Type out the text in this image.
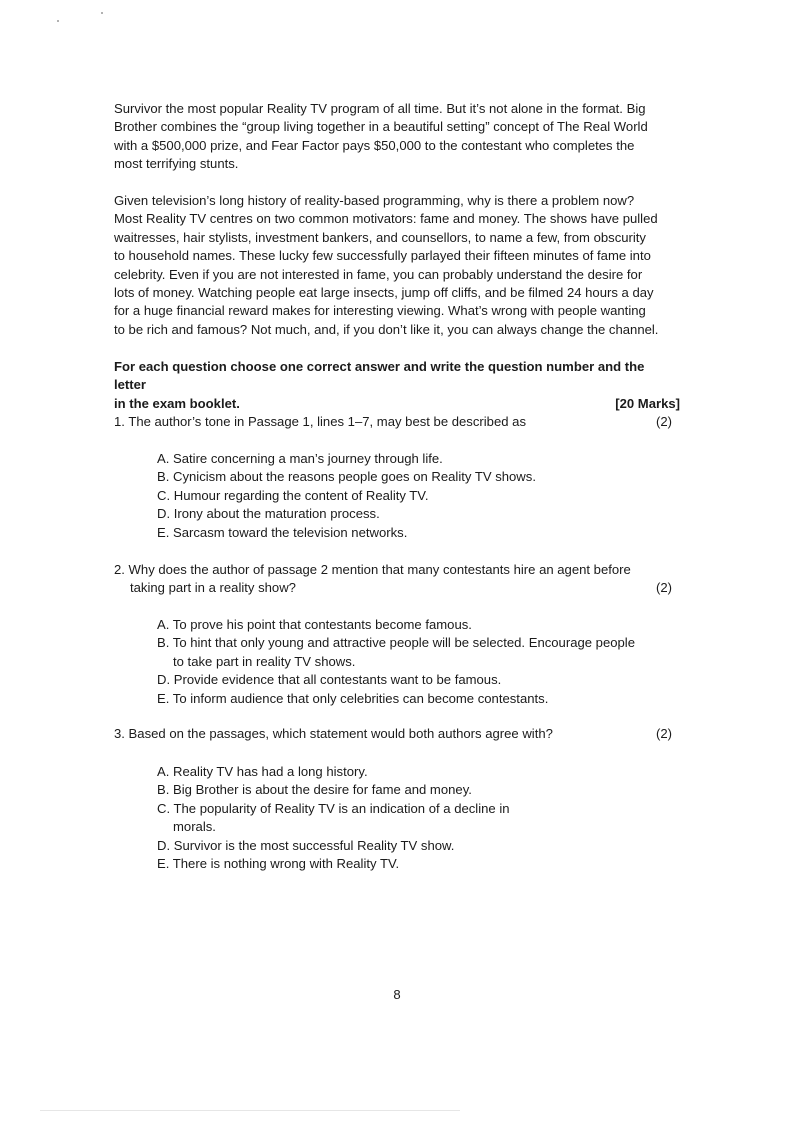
Survivor the most popular Reality TV program of all time. But it’s not alone in the format. Big
Brother combines the “group living together in a beautiful setting” concept of The Real World
with a $500,000 prize, and Fear Factor pays $50,000 to the contestant who completes the
most terrifying stunts.
Given television’s long history of reality-based programming, why is there a problem now?
Most Reality TV centres on two common motivators: fame and money. The shows have pulled
waitresses, hair stylists, investment bankers, and counsellors, to name a few, from obscurity
to household names. These lucky few successfully parlayed their fifteen minutes of fame into
celebrity. Even if you are not interested in fame, you can probably understand the desire for
lots of money. Watching people eat large insects, jump off cliffs, and be filmed 24 hours a day
for a huge financial reward makes for interesting viewing. What’s wrong with people wanting
to be rich and famous? Not much, and, if you don’t like it, you can always change the channel.
For each question choose one correct answer and write the question number and the letter
in the exam booklet.	[20 Marks]
1. The author’s tone in Passage 1, lines 1–7, may best be described as	(2)
A. Satire concerning a man’s journey through life.
B. Cynicism about the reasons people goes on Reality TV shows.
C. Humour regarding the content of Reality TV.
D. Irony about the maturation process.
E. Sarcasm toward the television networks.
2. Why does the author of passage 2 mention that many contestants hire an agent before
taking part in a reality show?	(2)
A. To prove his point that contestants become famous.
B. To hint that only young and attractive people will be selected. Encourage people
to take part in reality TV shows.
D. Provide evidence that all contestants want to be famous.
E. To inform audience that only celebrities can become contestants.
3. Based on the passages, which statement would both authors agree with?	(2)
A. Reality TV has had a long history.
B. Big Brother is about the desire for fame and money.
C. The popularity of Reality TV is an indication of a decline in
morals.
D. Survivor is the most successful Reality TV show.
E. There is nothing wrong with Reality TV.
8
